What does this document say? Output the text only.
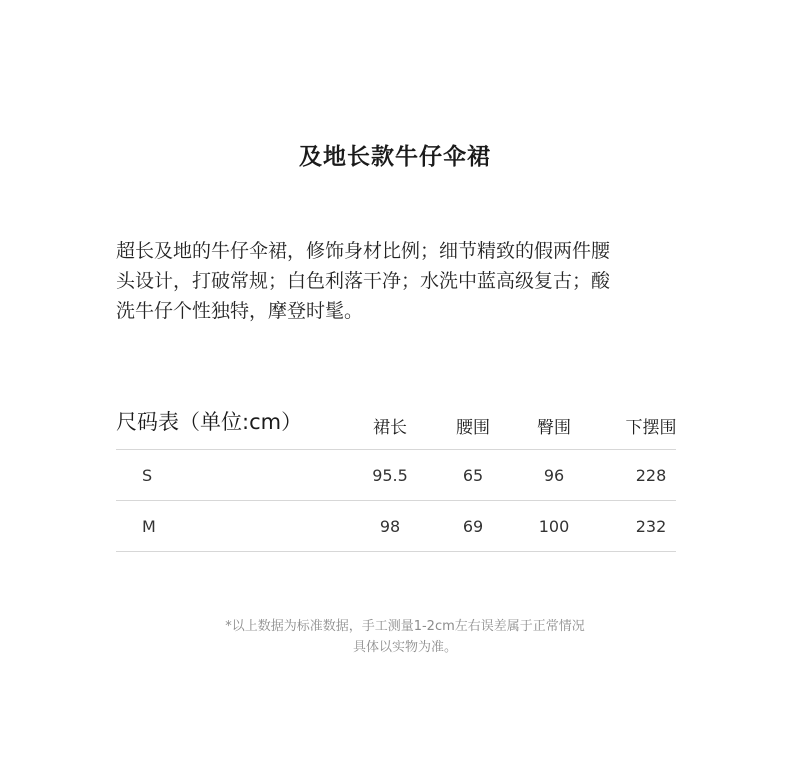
及地长款牛仔伞裙
超长及地的牛仔伞裙，修饰身材比例；细节精致的假两件腰
头设计，打破常规；白色利落干净；水洗中蓝高级复古；酸
洗牛仔个性独特，摩登时髦。
尺码表（单位:cm）	裙长	腰围	臀围	下摆围
S	95.5	65	96	228
M	98	69	100	232
*以上数据为标准数据，手工测量1-2cm左右误差属于正常情况
具体以实物为准。
